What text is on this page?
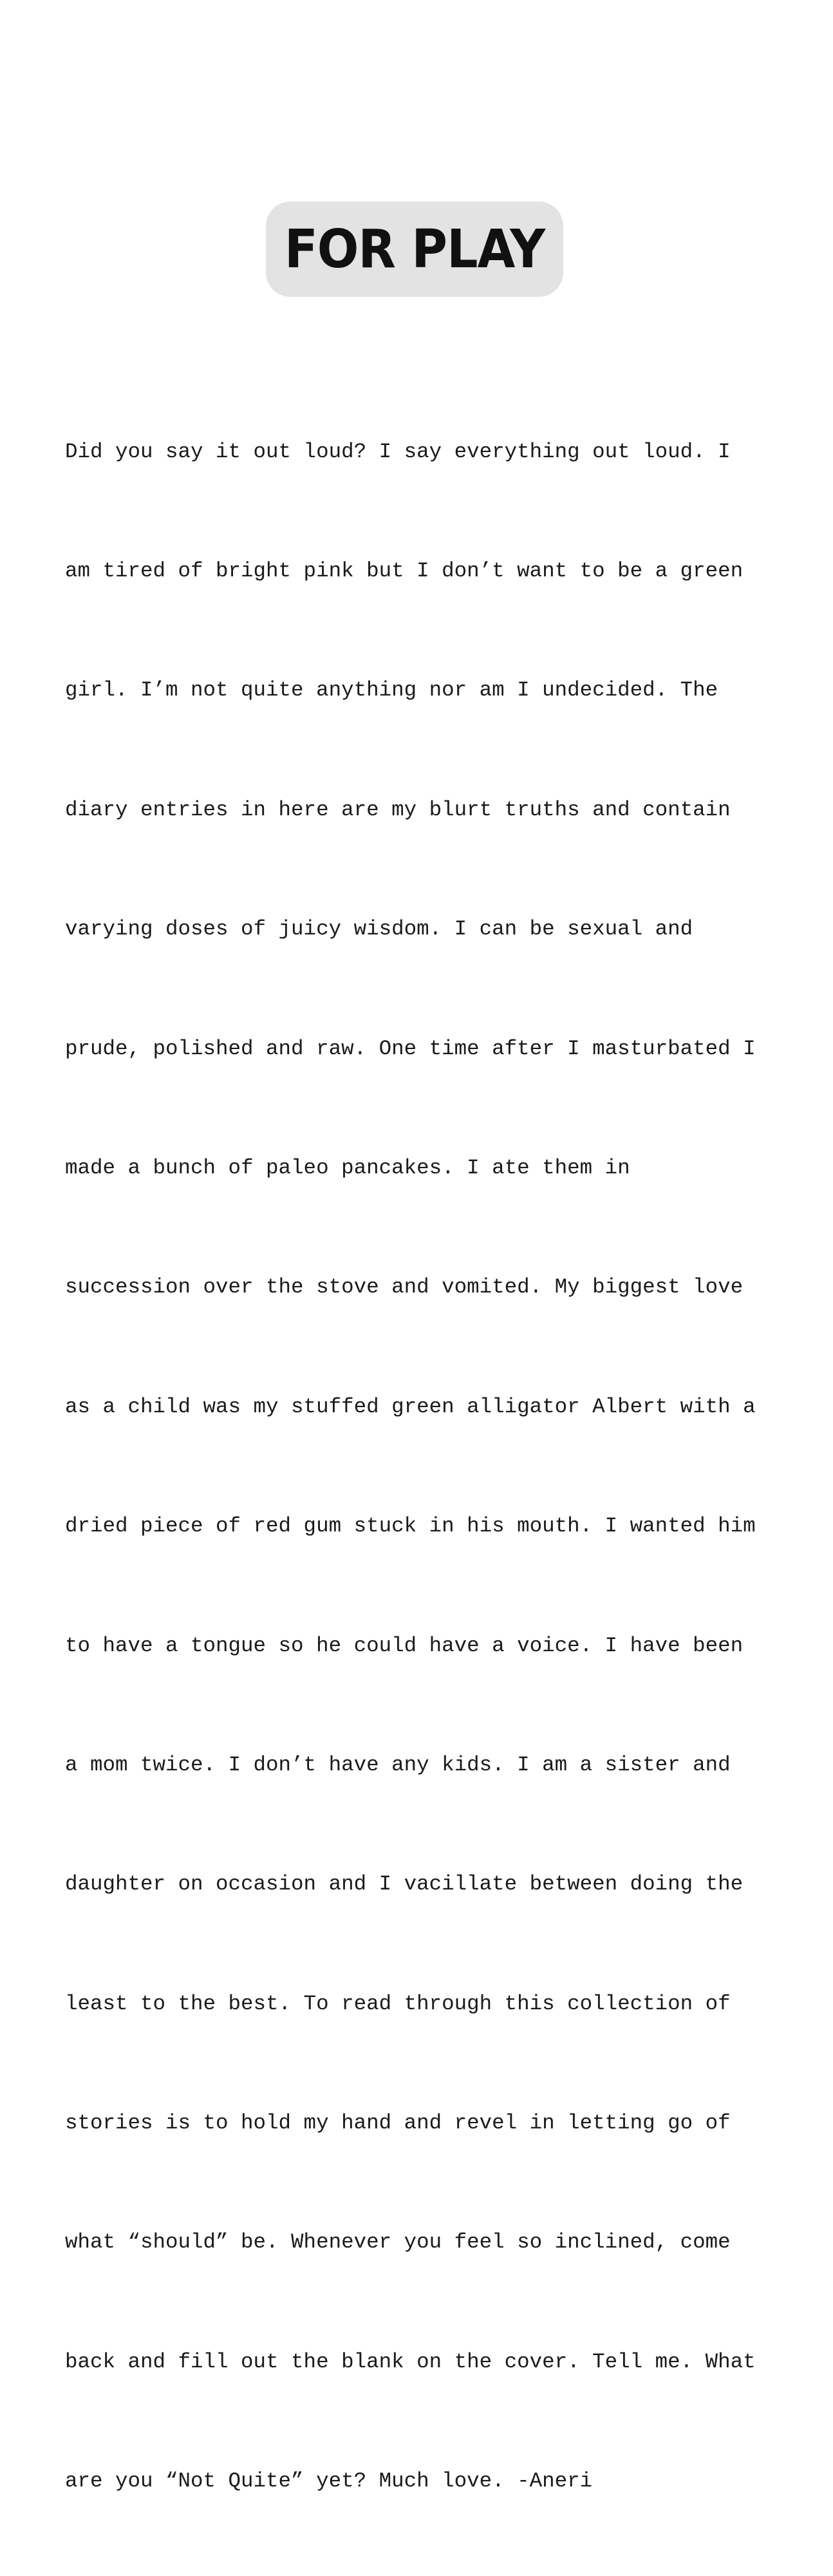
FOR PLAY

Did you say it out loud? I say everything out loud. I

am tired of bright pink but I don’t want to be a green

girl. I’m not quite anything nor am I undecided. The

diary entries in here are my blurt truths and contain

varying doses of juicy wisdom. I can be sexual and

prude, polished and raw. One time after I masturbated I

made a bunch of paleo pancakes. I ate them in

succession over the stove and vomited. My biggest love

as a child was my stuffed green alligator Albert with a

dried piece of red gum stuck in his mouth. I wanted him

to have a tongue so he could have a voice. I have been

a mom twice. I don’t have any kids. I am a sister and

daughter on occasion and I vacillate between doing the

least to the best. To read through this collection of

stories is to hold my hand and revel in letting go of

what “should” be. Whenever you feel so inclined, come

back and fill out the blank on the cover. Tell me. What

are you “Not Quite” yet? Much love. -Aneri
